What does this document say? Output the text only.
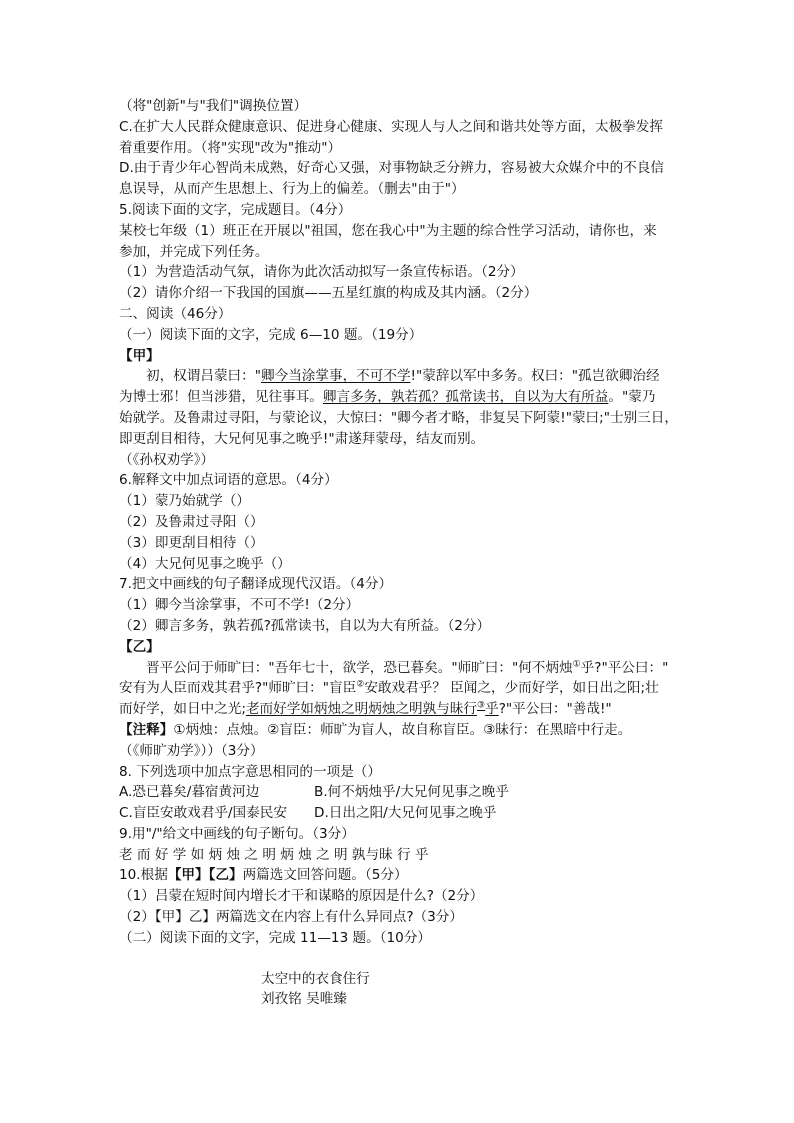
（将"创新"与"我们"调换位置）
C.在扩大人民群众健康意识、促进身心健康、实现人与人之间和谐共处等方面，太极拳发挥
着重要作用。（将"实现"改为"推动"）
D.由于青少年心智尚未成熟，好奇心又强，对事物缺乏分辨力，容易被大众媒介中的不良信
息误导，从而产生思想上、行为上的偏差。（删去"由于"）
5.阅读下面的文字，完成题目。（4分）
某校七年级（1）班正在开展以"祖国，您在我心中"为主题的综合性学习活动，请你也，来
参加，并完成下列任务。
（1）为营造活动气氛，请你为此次活动拟写一条宣传标语。（2分）
（2）请你介绍一下我国的国旗——五星红旗的构成及其内涵。（2分）
二、阅读（46分）
（一）阅读下面的文字，完成 6—10 题。（19分）
【甲】
初，权谓吕蒙曰："卿今当涂掌事，不可不学!"蒙辞以军中多务。权曰："孤岂欲卿治经
为博士邪！但当涉猎，见往事耳。卿言多务，孰若孤？孤常读书，自以为大有所益。"蒙乃
始就学。及鲁肃过寻阳，与蒙论议，大惊曰："卿今者才略，非复吴下阿蒙!"蒙曰;"士别三日，
即更刮目相待，大兄何见事之晚乎!"肃遂拜蒙母，结友而别。
（《孙权劝学》）
6.解释文中加点词语的意思。（4分）
（1）蒙乃始就学（）
（2）及鲁肃过寻阳（）
（3）即更刮目相待（）
（4）大兄何见事之晚乎（）
7.把文中画线的句子翻译成现代汉语。（4分）
（1）卿今当涂掌事，不可不学!（2分）
（2）卿言多务，孰若孤?孤常读书，自以为大有所益。（2分）
【乙】
晋平公问于师旷曰："吾年七十，欲学，恐已暮矣。"师旷曰："何不炳烛①乎?"平公曰："
安有为人臣而戏其君乎?"师旷曰："盲臣②安敢戏君乎？ 臣闻之，少而好学，如日出之阳;壮
而好学，如日中之光;老而好学如炳烛之明炳烛之明孰与昧行③乎?"平公曰："善哉!"
【注释】①炳烛：点烛。②盲臣：师旷为盲人，故自称盲臣。③昧行：在黑暗中行走。
（《师旷劝学》））（3分）
8. 下列选项中加点字意思相同的一项是（）
A.恐已暮矣/暮宿黄河边	B.何不炳烛乎/大兄何见事之晚乎
C.盲臣安敢戏君乎/国泰民安 D.日出之阳/大兄何见事之晚乎
9.用"/"给文中画线的句子断句。（3分）
老 而 好 学 如 炳 烛 之 明 炳 烛 之 明 孰与昧 行 乎
10.根据【甲】【乙】两篇选文回答问题。（5分）
（1）吕蒙在短时间内增长才干和谋略的原因是什么?（2分）
（2）【甲】乙】两篇选文在内容上有什么异同点?（3分）
（二）阅读下面的文字，完成 11—13 题。（10分）
太空中的衣食住行
刘孜铭 吴唯臻
